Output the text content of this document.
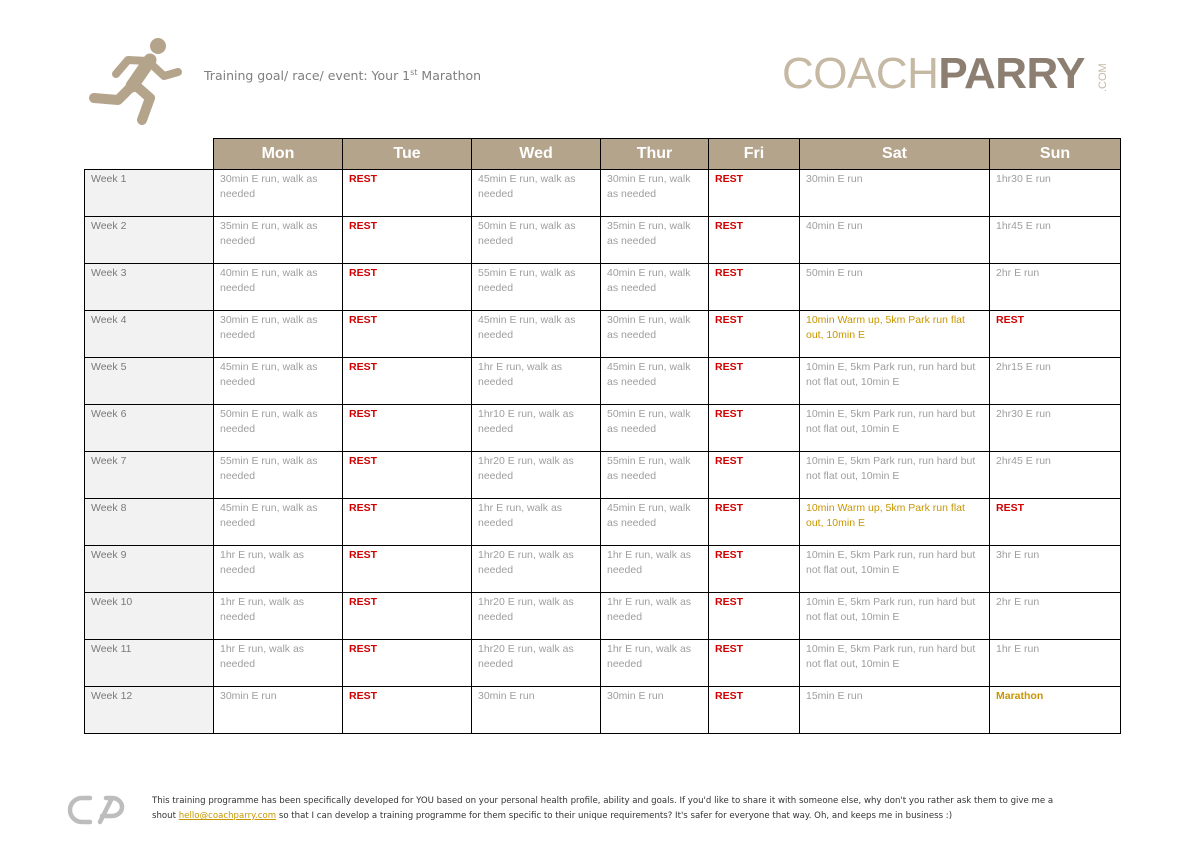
Training goal/ race/ event: Your 1st Marathon	COACHPARRY .COM
	Mon	Tue	Wed	Thur	Fri	Sat	Sun
Week 1	30min E run, walk as needed	REST	45min E run, walk as needed	30min E run, walk as needed	REST	30min E run	1hr30 E run
Week 2	35min E run, walk as needed	REST	50min E run, walk as needed	35min E run, walk as needed	REST	40min E run	1hr45 E run
Week 3	40min E run, walk as needed	REST	55min E run, walk as needed	40min E run, walk as needed	REST	50min E run	2hr E run
Week 4	30min E run, walk as needed	REST	45min E run, walk as needed	30min E run, walk as needed	REST	10min Warm up, 5km Park run flat out, 10min E	REST
Week 5	45min E run, walk as needed	REST	1hr E run, walk as needed	45min E run, walk as needed	REST	10min E, 5km Park run, run hard but not flat out, 10min E	2hr15 E run
Week 6	50min E run, walk as needed	REST	1hr10 E run, walk as needed	50min E run, walk as needed	REST	10min E, 5km Park run, run hard but not flat out, 10min E	2hr30 E run
Week 7	55min E run, walk as needed	REST	1hr20 E run, walk as needed	55min E run, walk as needed	REST	10min E, 5km Park run, run hard but not flat out, 10min E	2hr45 E run
Week 8	45min E run, walk as needed	REST	1hr E run, walk as needed	45min E run, walk as needed	REST	10min Warm up, 5km Park run flat out, 10min E	REST
Week 9	1hr E run, walk as needed	REST	1hr20 E run, walk as needed	1hr E run, walk as needed	REST	10min E, 5km Park run, run hard but not flat out, 10min E	3hr E run
Week 10	1hr E run, walk as needed	REST	1hr20 E run, walk as needed	1hr E run, walk as needed	REST	10min E, 5km Park run, run hard but not flat out, 10min E	2hr E run
Week 11	1hr E run, walk as needed	REST	1hr20 E run, walk as needed	1hr E run, walk as needed	REST	10min E, 5km Park run, run hard but not flat out, 10min E	1hr E run
Week 12	30min E run	REST	30min E run	30min E run	REST	15min E run	Marathon
This training programme has been specifically developed for YOU based on your personal health profile, ability and goals. If you'd like to share it with someone else, why don't you rather ask them to give me a
shout hello@coachparry.com so that I can develop a training programme for them specific to their unique requirements? It's safer for everyone that way. Oh, and keeps me in business :)
